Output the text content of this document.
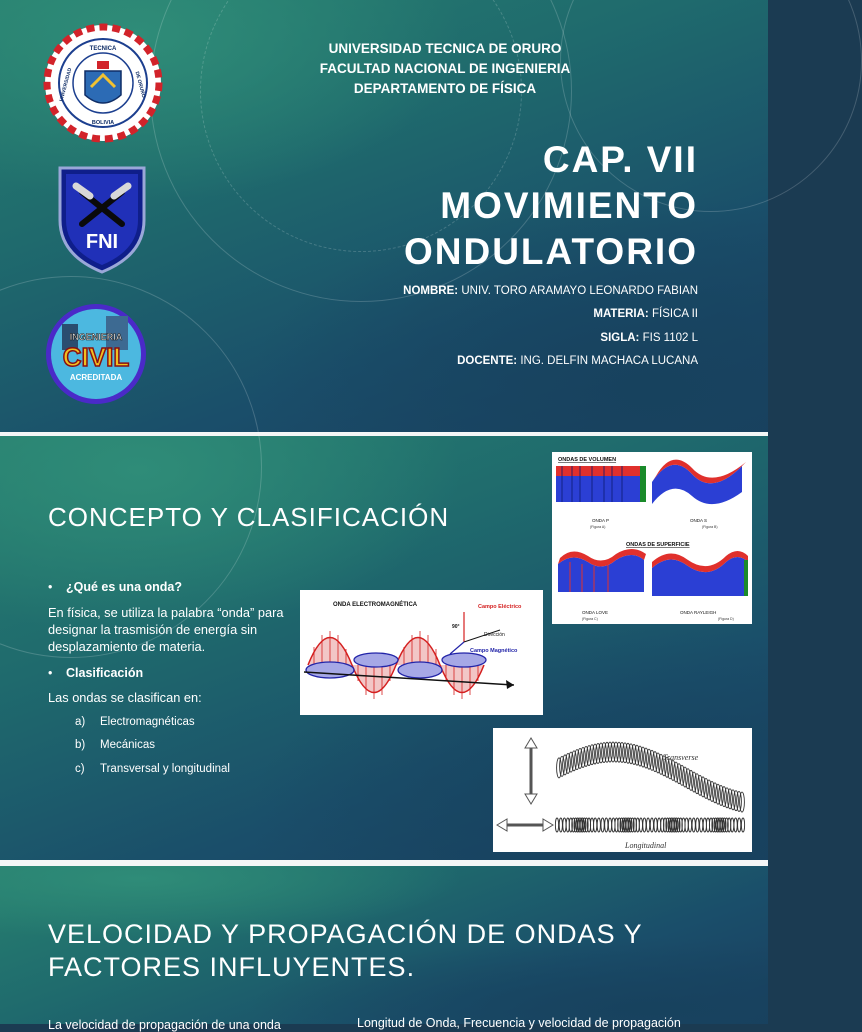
TECNICA
BOLIVIA
UNIVERSIDAD	DE ORURO
FNI
INGENIERIA
CIVIL
ACREDITADA
UNIVERSIDAD TECNICA DE ORURO
FACULTAD NACIONAL DE INGENIERIA
DEPARTAMENTO DE FÍSICA
CAP. VII
MOVIMIENTO
ONDULATORIO
NOMBRE: UNIV. TORO ARAMAYO LEONARDO FABIAN
MATERIA: FÍSICA II
SIGLA: FIS 1102 L
DOCENTE: ING. DELFIN MACHACA LUCANA
CONCEPTO Y CLASIFICACIÓN
• ¿Qué es una onda?
En física, se utiliza la palabra “onda” para designar la trasmisión de energía sin desplazamiento de materia.
• Clasificación
Las ondas se clasifican en:
a) Electromagnéticas
b) Mecánicas
c) Transversal y longitudinal
ONDAS DE VOLUMEN
ONDA P
(Figura A)
ONDA S
(Figura B)
ONDAS DE SUPERFICIE
ONDA LOVE
(Figura C)
ONDA RAYLEIGH
(Figura D)
ONDA ELECTROMAGNÉTICA	Campo Eléctrico
90°
Dirección
Campo Magnético
Transverse
Longitudinal
VELOCIDAD Y PROPAGACIÓN DE ONDAS Y FACTORES INFLUYENTES.
La velocidad de propagación de una onda	Longitud de Onda, Frecuencia y velocidad de propagación
